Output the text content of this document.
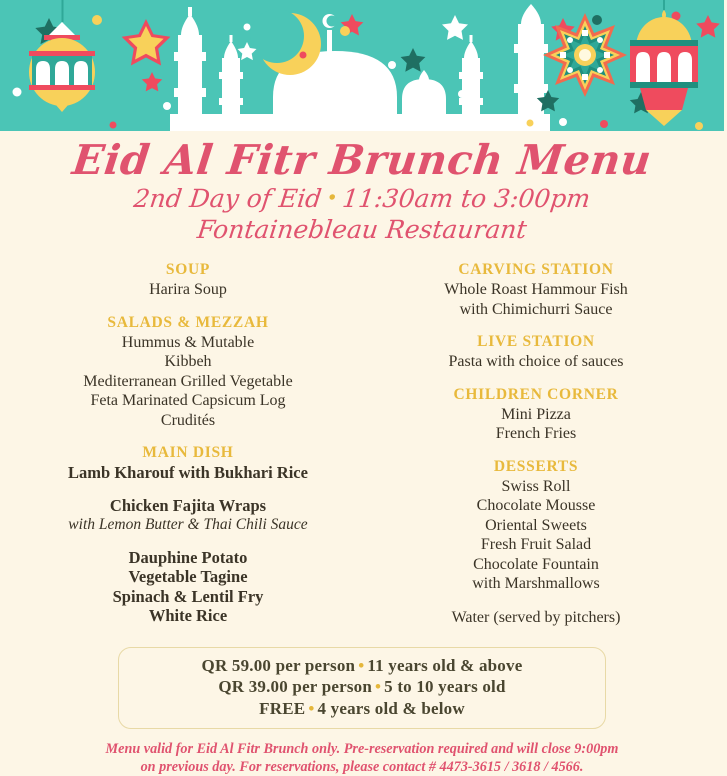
Eid Al Fitr Brunch Menu
2nd Day of Eid •11:30am to 3:00pm
Fontainebleau Restaurant
SOUP
Harira Soup
SALADS & MEZZAH
Hummus & Mutable
Kibbeh
Mediterranean Grilled Vegetable
Feta Marinated Capsicum Log
Crudités
MAIN DISH
Lamb Kharouf with Bukhari Rice
Chicken Fajita Wraps
with Lemon Butter & Thai Chili Sauce
Dauphine Potato
Vegetable Tagine
Spinach & Lentil Fry
White Rice
CARVING STATION
Whole Roast Hammour Fish
with Chimichurri Sauce
LIVE STATION
Pasta with choice of sauces
CHILDREN CORNER
Mini Pizza
French Fries
DESSERTS
Swiss Roll
Chocolate Mousse
Oriental Sweets
Fresh Fruit Salad
Chocolate Fountain
with Marshmallows
Water (served by pitchers)
QR 59.00 per person • 11 years old & above
QR 39.00 per person • 5 to 10 years old
FREE • 4 years old & below
Menu valid for Eid Al Fitr Brunch only. Pre-reservation required and will close 9:00pm
on previous day. For reservations, please contact # 4473-3615 / 3618 / 4566.
